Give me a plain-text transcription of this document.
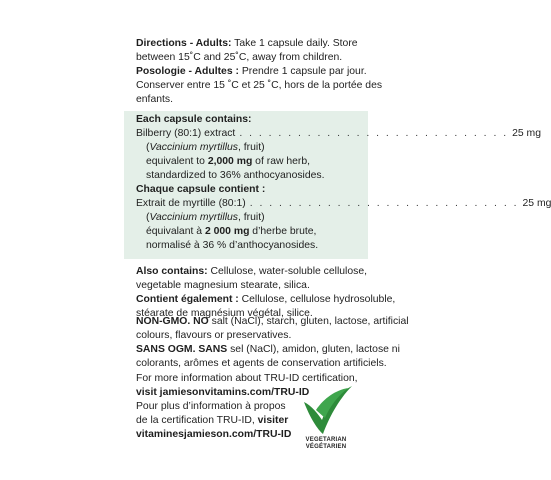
Directions - Adults: Take 1 capsule daily. Store
between 15˚C and 25˚C, away from children.
Posologie - Adultes : Prendre 1 capsule par jour.
Conserver entre 15 ˚C et 25 ˚C, hors de la portée des
enfants.
Each capsule contains:
Bilberry (80:1) extract . . . . . . . . . . . . . . . . . . . . . . . . . . . . 25 mg
(Vaccinium myrtillus, fruit)
equivalent to 2,000 mg of raw herb,
standardized to 36% anthocyanosides.
Chaque capsule contient :
Extrait de myrtille (80:1) . . . . . . . . . . . . . . . . . . . . . . . . . . . . 25 mg
(Vaccinium myrtillus, fruit)
équivalant à 2 000 mg d’herbe brute,
normalisé à 36 % d’anthocyanosides.
Also contains: Cellulose, water-soluble cellulose,
vegetable magnesium stearate, silica.
Contient également : Cellulose, cellulose hydrosoluble,
stéarate de magnésium végétal, silice.
NON-GMO. NO salt (NaCl), starch, gluten, lactose, artificial
colours, flavours or preservatives.
SANS OGM. SANS sel (NaCl), amidon, gluten, lactose ni
colorants, arômes et agents de conservation artificiels.
For more information about TRU-ID certification,
visit jamiesonvitamins.com/TRU-ID
Pour plus d’information à propos
de la certification TRU-ID, visiter
vitaminesjamieson.com/TRU-ID	VEGETARIAN
VÉGÉTARIEN
